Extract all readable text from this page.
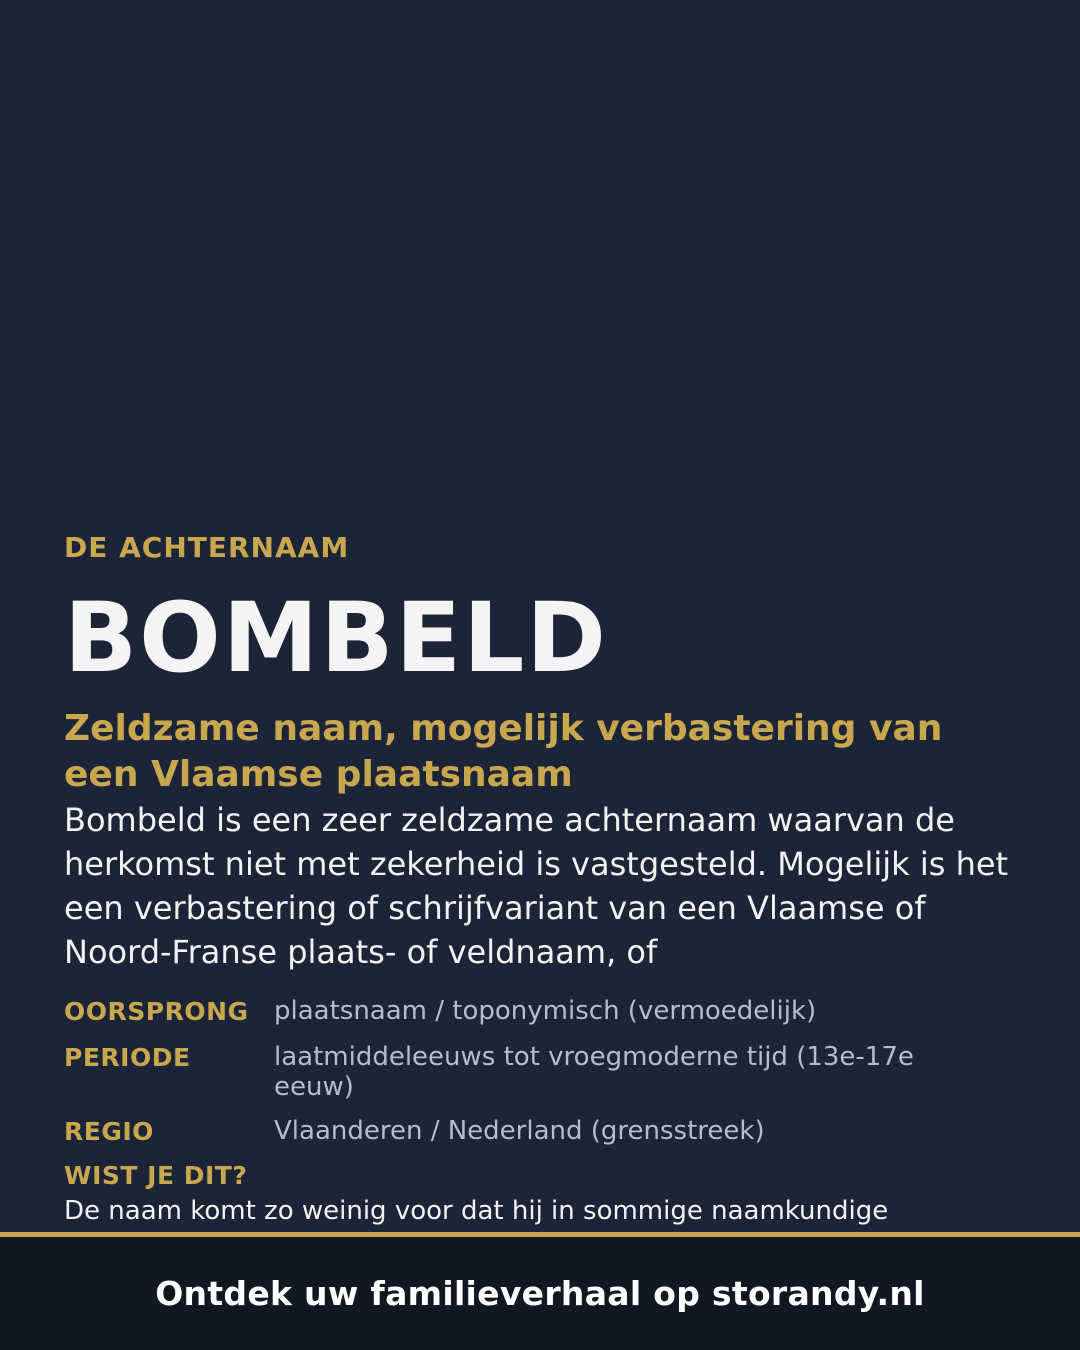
DE ACHTERNAAM
BOMBELD
Zeldzame naam, mogelijk verbastering van een Vlaamse plaatsnaam
Bombeld is een zeer zeldzame achternaam waarvan de herkomst niet met zekerheid is vastgesteld. Mogelijk is het een verbastering of schrijfvariant van een Vlaamse of Noord-Franse plaats- of veldnaam, of
OORSPRONG plaatsnaam / toponymisch (vermoedelijk)
PERIODE	laatmiddeleeuws tot vroegmoderne tijd (13e-17e eeuw)
REGIO	Vlaanderen / Nederland (grensstreek)
WIST JE DIT?
De naam komt zo weinig voor dat hij in sommige naamkundige
Ontdek uw familieverhaal op storandy.nl
